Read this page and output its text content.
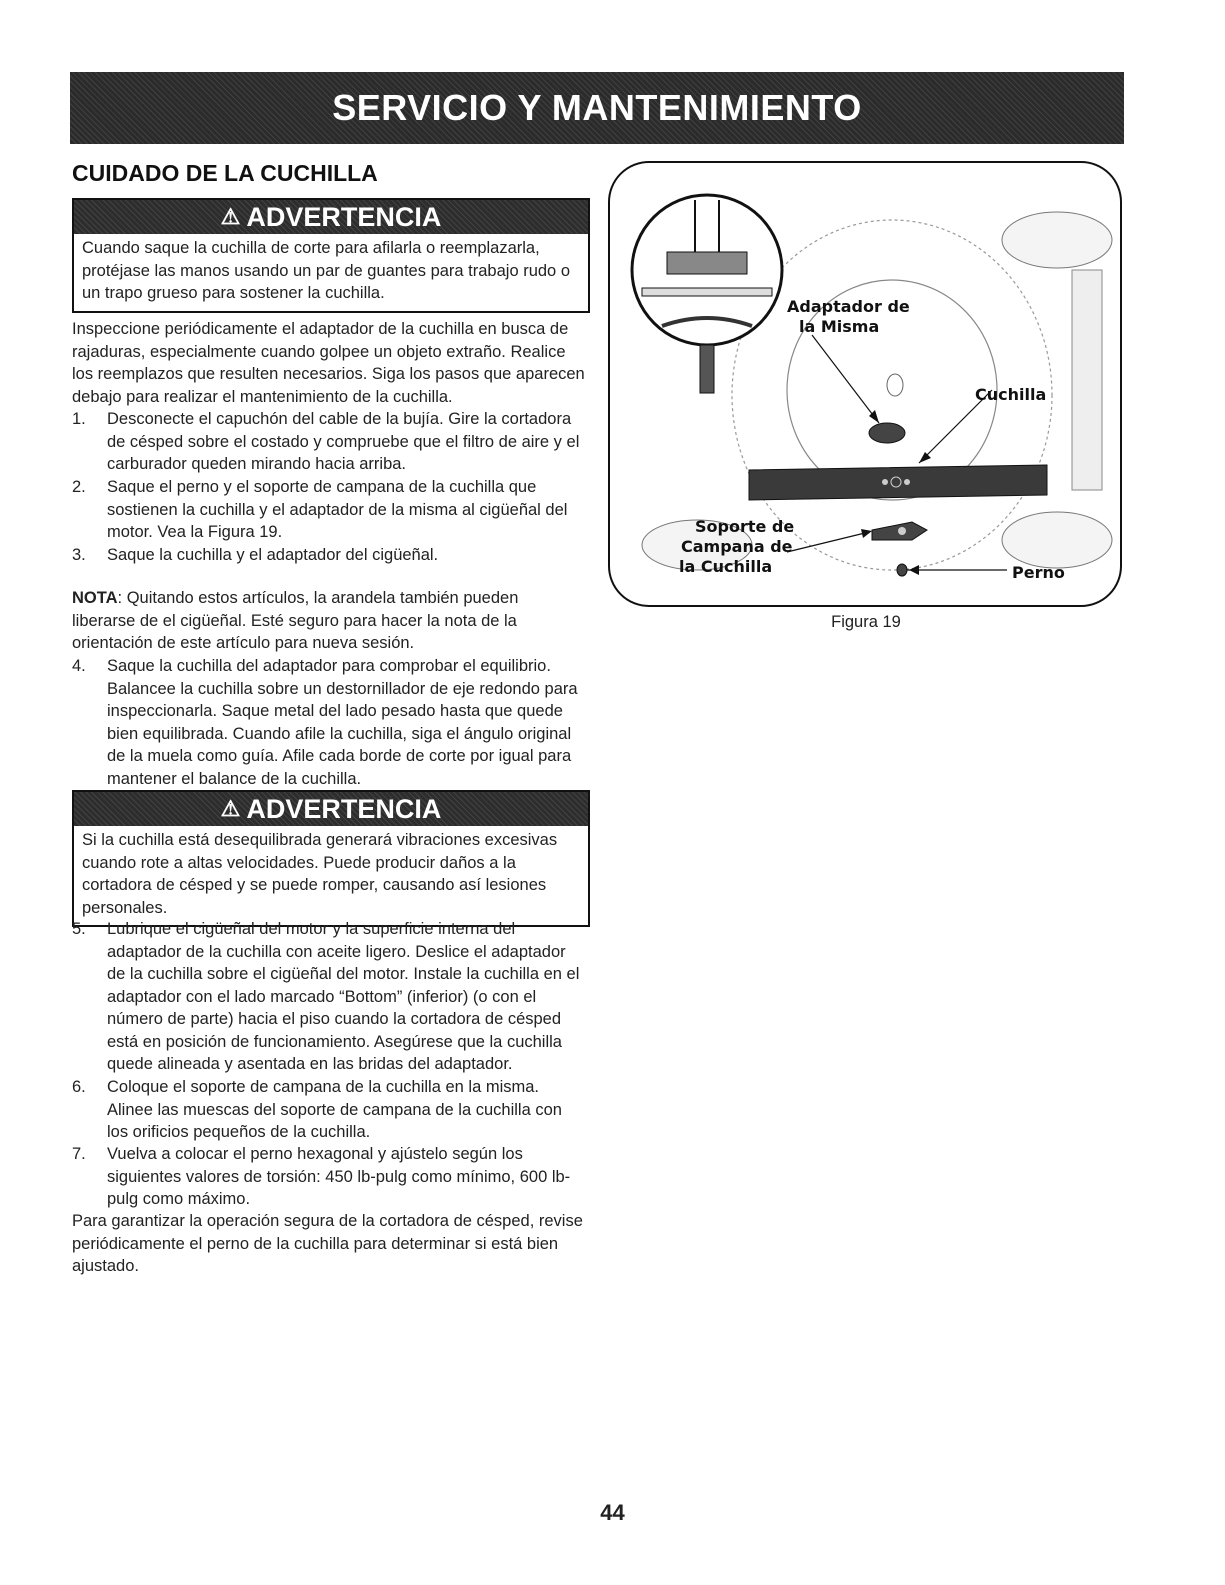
SERVICIO Y MANTENIMIENTO
CUIDADO DE LA CUCHILLA
⚠ ADVERTENCIA
Cuando saque la cuchilla de corte para afilarla o reemplazarla, protéjase las manos usando un par de guantes para trabajo rudo o un trapo grueso para sostener la cuchilla.

Inspeccione periódicamente el adaptador de la cuchilla en busca de rajaduras, especialmente cuando golpee un objeto extraño. Realice los reemplazos que resulten necesarios. Siga los pasos que aparecen debajo para realizar el mantenimiento de la cuchilla.

1. Desconecte el capuchón del cable de la bujía. Gire la cortadora de césped sobre el costado y compruebe que el filtro de aire y el carburador queden mirando hacia arriba.
2. Saque el perno y el soporte de campana de la cuchilla que sostienen la cuchilla y el adaptador de la misma al cigüeñal del motor. Vea la Figura 19.
3. Saque la cuchilla y el adaptador del cigüeñal.

NOTA: Quitando estos artículos, la arandela también pueden liberarse de el cigüeñal. Esté seguro para hacer la nota de la orientación de este artículo para nueva sesión.

4. Saque la cuchilla del adaptador para comprobar el equilibrio. Balancee la cuchilla sobre un destornillador de eje redondo para inspeccionarla. Saque metal del lado pesado hasta que quede bien equilibrada. Cuando afile la cuchilla, siga el ángulo original de la muela como guía. Afile cada borde de corte por igual para mantener el balance de la cuchilla.
⚠ ADVERTENCIA
Si la cuchilla está desequilibrada generará vibraciones excesivas cuando rote a altas velocidades. Puede producir daños a la cortadora de césped y se puede romper, causando así lesiones personales.
5. Lubrique el cigüeñal del motor y la superficie interna del adaptador de la cuchilla con aceite ligero. Deslice el adaptador de la cuchilla sobre el cigüeñal del motor. Instale la cuchilla en el adaptador con el lado marcado “Bottom” (inferior) (o con el número de parte) hacia el piso cuando la cortadora de césped está en posición de funcionamiento. Asegúrese que la cuchilla quede alineada y asentada en las bridas del adaptador.
6. Coloque el soporte de campana de la cuchilla en la misma. Alinee las muescas del soporte de campana de la cuchilla con los orificios pequeños de la cuchilla.
7. Vuelva a colocar el perno hexagonal y ajústelo según los siguientes valores de torsión: 450 lb-pulg como mínimo, 600 lb-pulg como máximo.

Para garantizar la operación segura de la cortadora de césped, revise periódicamente el perno de la cuchilla para determinar si está bien ajustado.

Adaptador de
la Misma
Cuchilla
Soporte de
Campana de
la Cuchilla	Perno
Figura 19
44
